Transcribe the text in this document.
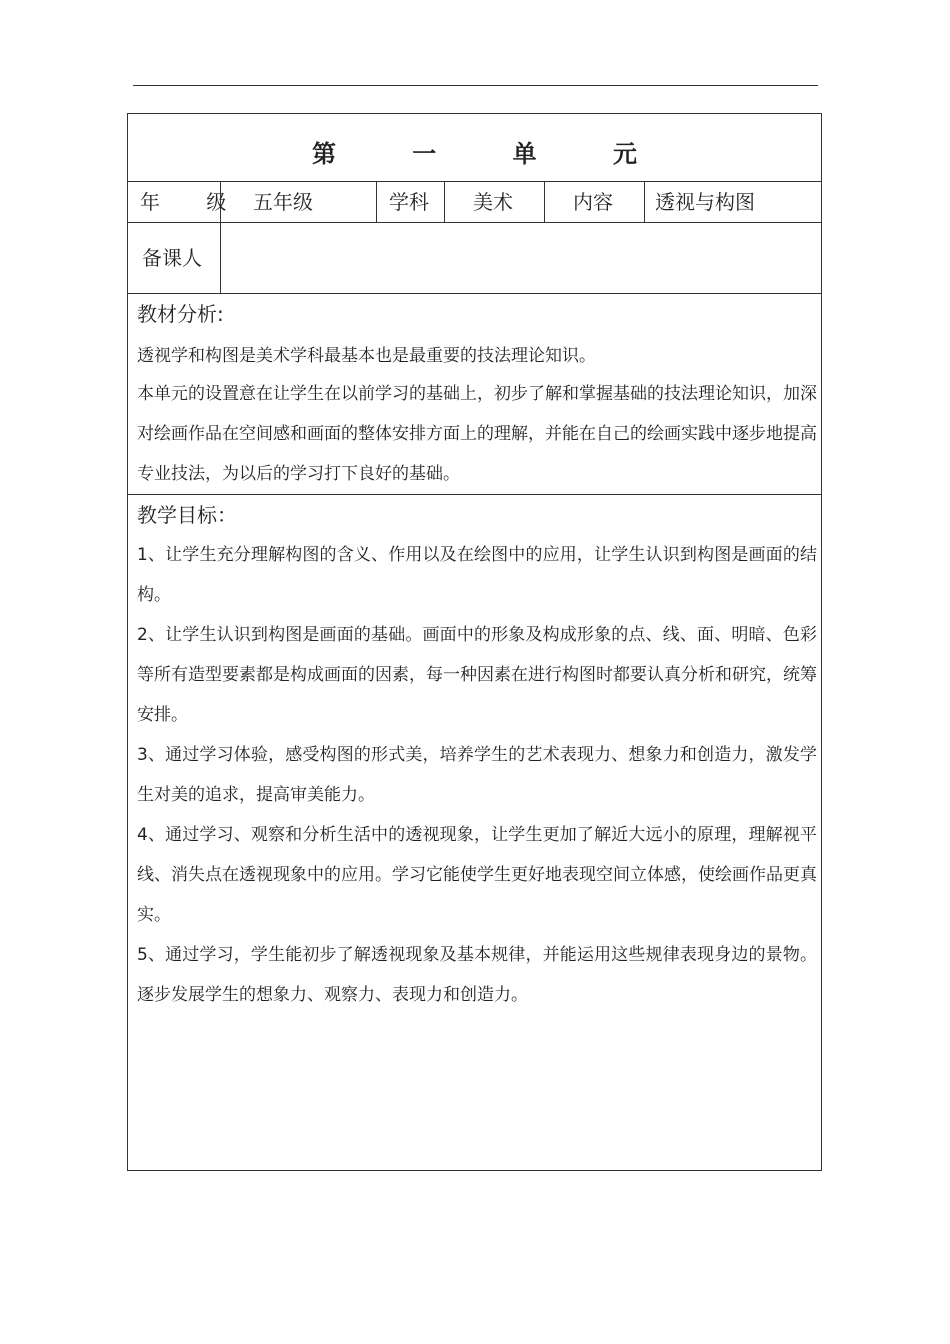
第 一 单 元
年 级 五年级	学科	美术	内容	透视与构图
备课人
教材分析:
透视学和构图是美术学科最基本也是最重要的技法理论知识。
本单元的设置意在让学生在以前学习的基础上，初步了解和掌握基础的技法理论知识，加深对绘画作品在空间感和画面的整体安排方面上的理解，并能在自己的绘画实践中逐步地提高专业技法，为以后的学习打下良好的基础。
教学目标：

1、让学生充分理解构图的含义、作用以及在绘图中的应用，让学生认识到构图是画面的结构。

2、让学生认识到构图是画面的基础。画面中的形象及构成形象的点、线、面、明暗、色彩等所有造型要素都是构成画面的因素，每一种因素在进行构图时都要认真分析和研究，统筹安排。

3、通过学习体验，感受构图的形式美，培养学生的艺术表现力、想象力和创造力，激发学生对美的追求，提高审美能力。

4、通过学习、观察和分析生活中的透视现象，让学生更加了解近大远小的原理，理解视平线、消失点在透视现象中的应用。学习它能使学生更好地表现空间立体感，使绘画作品更真实。

5、通过学习，学生能初步了解透视现象及基本规律，并能运用这些规律表现身边的景物。逐步发展学生的想象力、观察力、表现力和创造力。
